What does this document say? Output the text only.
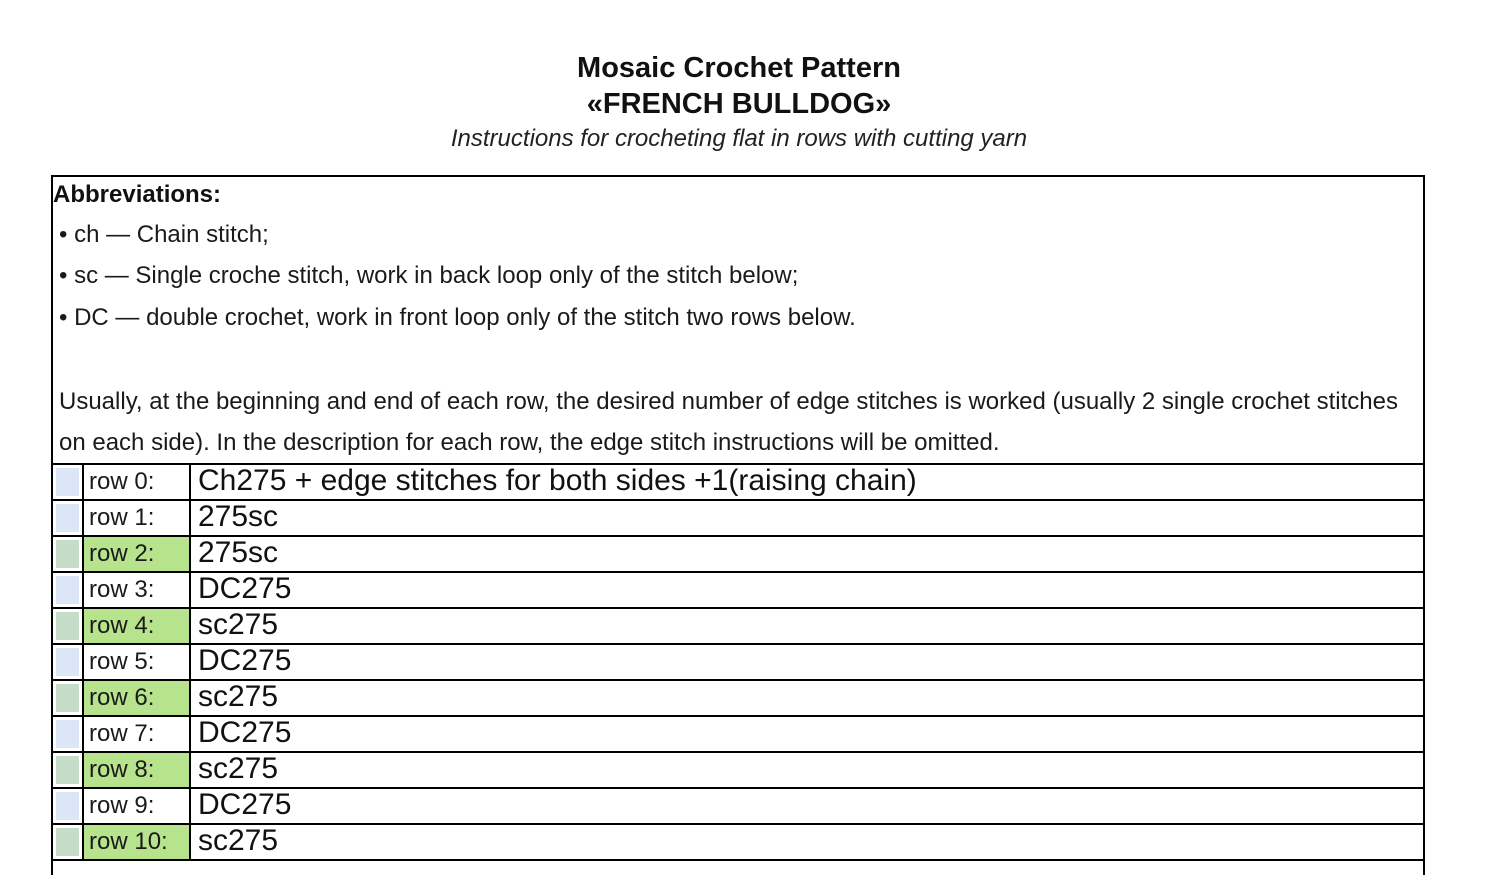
Mosaic Crochet Pattern
«FRENCH BULLDOG»
Instructions for crocheting flat in rows with cutting yarn
Abbreviations:
• ch — Chain stitch;
• sc — Single croche stitch, work in back loop only of the stitch below;
• DC — double crochet, work in front loop only of the stitch two rows below.
Usually, at the beginning and end of each row, the desired number of edge stitches is worked (usually 2 single crochet stitches on each side). In the description for each row, the edge stitch instructions will be omitted.
row 0:	Ch275 + edge stitches for both sides +1(raising chain)
row 1:	275sc
row 2:	275sc
row 3:	DC275
row 4:	sc275
row 5:	DC275
row 6:	sc275
row 7:	DC275
row 8:	sc275
row 9:	DC275
row 10:	sc275
